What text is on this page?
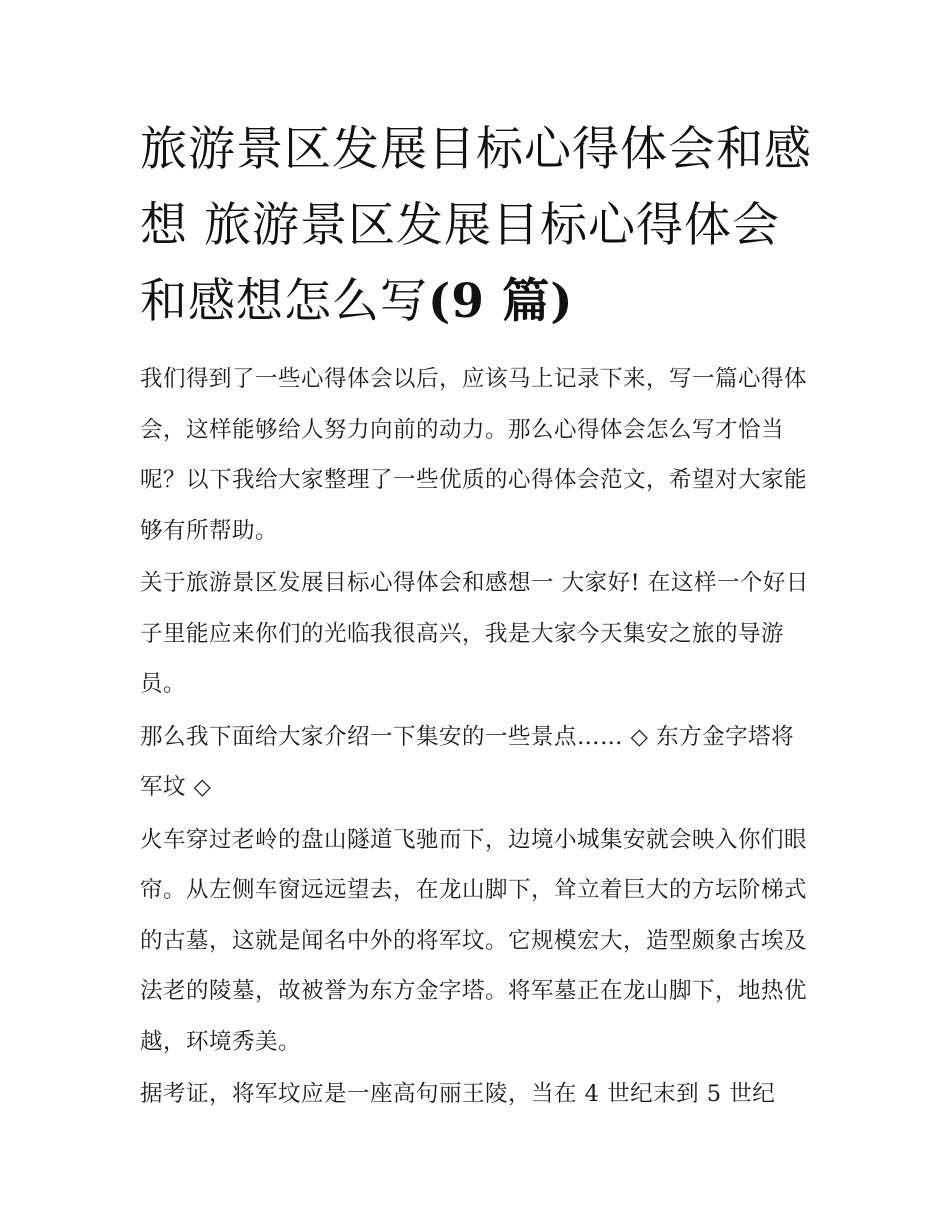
旅游景区发展目标心得体会和感想 旅游景区发展目标心得体会和感想怎么写(9 篇)

我们得到了一些心得体会以后，应该马上记录下来，写一篇心得体会，这样能够给人努力向前的动力。那么心得体会怎么写才恰当呢？以下我给大家整理了一些优质的心得体会范文，希望对大家能够有所帮助。

关于旅游景区发展目标心得体会和感想一 大家好! 在这样一个好日子里能应来你们的光临我很高兴，我是大家今天集安之旅的导游员。

那么我下面给大家介绍一下集安的一些景点…… ◇ 东方金字塔将军坟 ◇

火车穿过老岭的盘山隧道飞驰而下，边境小城集安就会映入你们眼帘。从左侧车窗远远望去，在龙山脚下，耸立着巨大的方坛阶梯式的古墓，这就是闻名中外的将军坟。它规模宏大，造型颇象古埃及法老的陵墓，故被誉为东方金字塔。将军墓正在龙山脚下，地热优越，环境秀美。

据考证，将军坟应是一座高句丽王陵，当在 4 世纪末到 5 世纪
